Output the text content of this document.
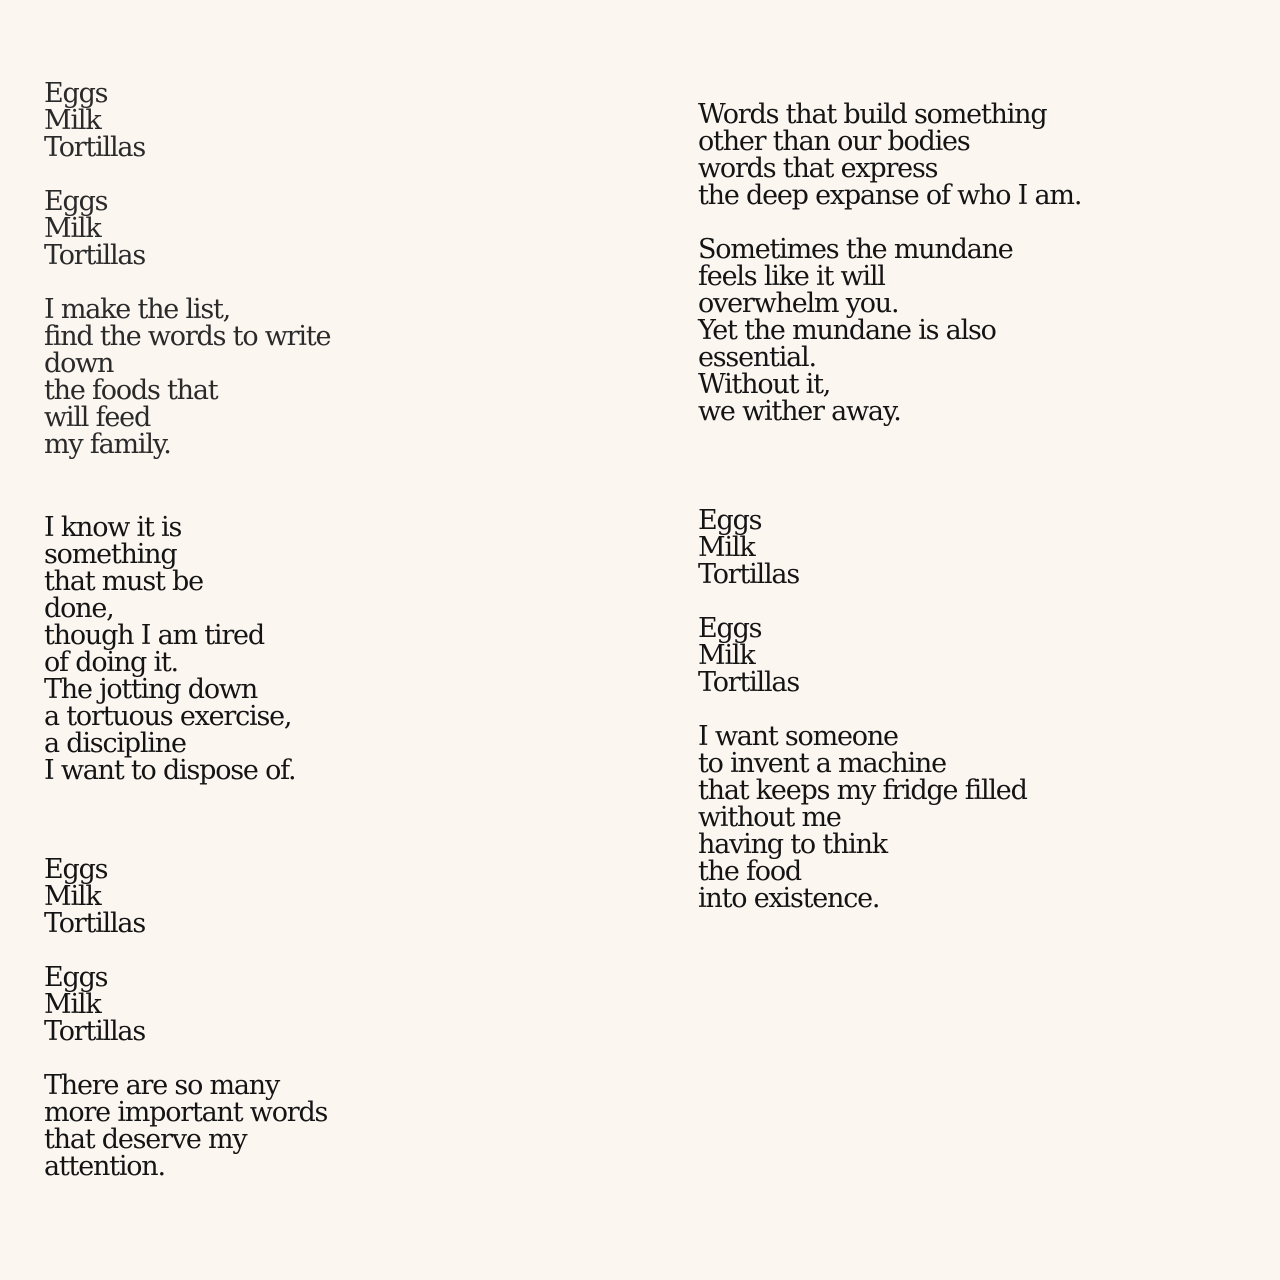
Eggs
Milk
Tortillas
Eggs
Milk
Tortillas
I make the list,
find the words to write
down
the foods that
will feed
my family.
I know it is
something
that must be
done,
though I am tired
of doing it.
The jotting down
a tortuous exercise,
a discipline
I want to dispose of.
Eggs
Milk
Tortillas
Eggs
Milk
Tortillas
There are so many
more important words
that deserve my
attention.
Words that build something
other than our bodies
words that express
the deep expanse of who I am.
Sometimes the mundane
feels like it will
overwhelm you.
Yet the mundane is also
essential.
Without it,
we wither away.
Eggs
Milk
Tortillas
Eggs
Milk
Tortillas
I want someone
to invent a machine
that keeps my fridge filled
without me
having to think
the food
into existence.
